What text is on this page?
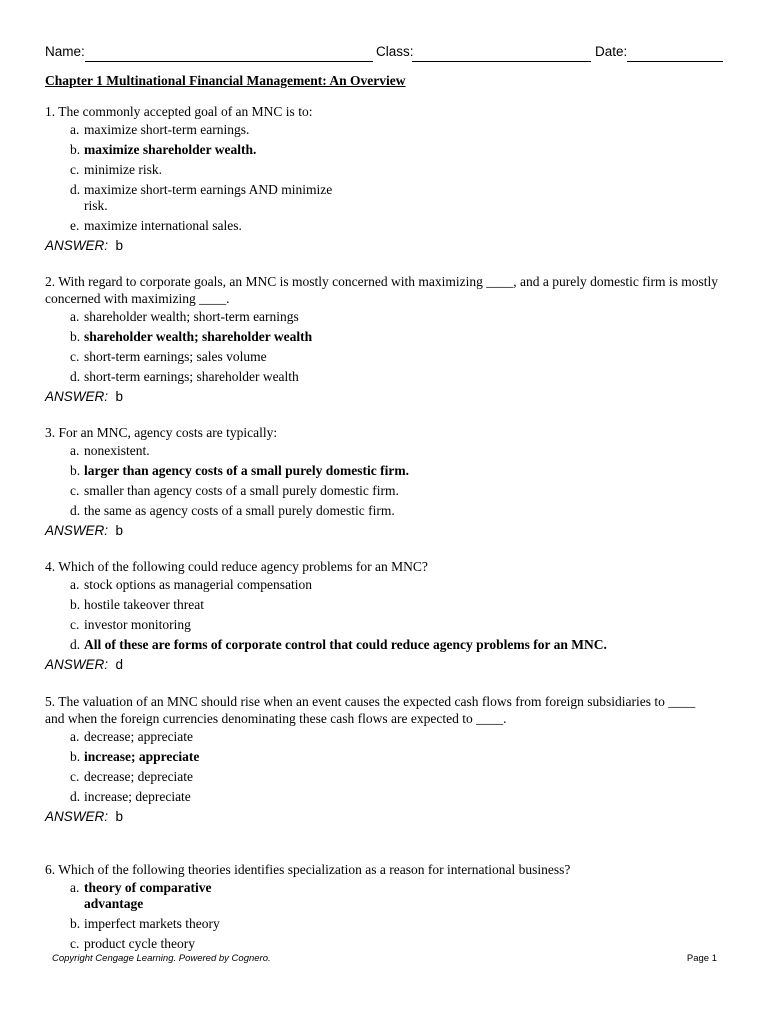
Name:	Class:	Date:
Chapter 1 Multinational Financial Management: An Overview
1. The commonly accepted goal of an MNC is to:
a. maximize short-term earnings.
b. maximize shareholder wealth.
c. minimize risk.
d. maximize short-term earnings AND minimize risk.
e. maximize international sales.
ANSWER: b
2. With regard to corporate goals, an MNC is mostly concerned with maximizing ____, and a purely domestic firm is mostly concerned with maximizing ____.
a. shareholder wealth; short-term earnings
b. shareholder wealth; shareholder wealth
c. short-term earnings; sales volume
d. short-term earnings; shareholder wealth
ANSWER: b
3. For an MNC, agency costs are typically:
a. nonexistent.
b. larger than agency costs of a small purely domestic firm.
c. smaller than agency costs of a small purely domestic firm.
d. the same as agency costs of a small purely domestic firm.
ANSWER: b
4. Which of the following could reduce agency problems for an MNC?
a. stock options as managerial compensation
b. hostile takeover threat
c. investor monitoring
d. All of these are forms of corporate control that could reduce agency problems for an MNC.
ANSWER: d
5. The valuation of an MNC should rise when an event causes the expected cash flows from foreign subsidiaries to ____ and when the foreign currencies denominating these cash flows are expected to ____.
a. decrease; appreciate
b. increase; appreciate
c. decrease; depreciate
d. increase; depreciate
ANSWER: b
6. Which of the following theories identifies specialization as a reason for international business?
a. theory of comparative advantage
b. imperfect markets theory
c. product cycle theory
Copyright Cengage Learning. Powered by Cognero.	Page 1
